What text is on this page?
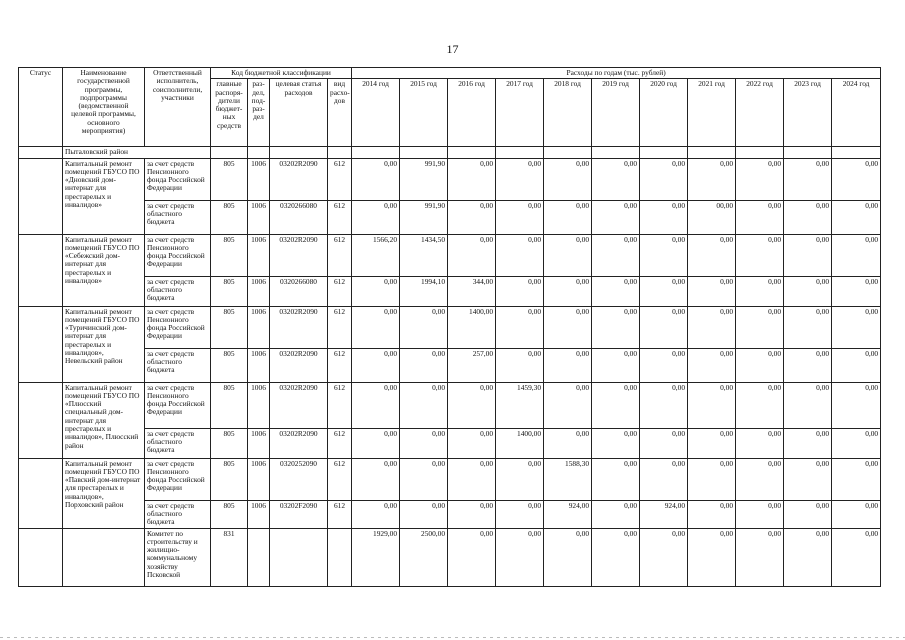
17
Статус	Наименование государственной программы, подпрограммы (ведомственной целевой программы, основного мероприятия)	Ответственный исполнитель, соисполнители, участники	Код бюджетной классификации				Расходы по годам (тыс. рублей)										
			главные распоря- дители бюджет- ных средств	раз- дел, под- раз- дел	целевая статья расходов	вид расхо- дов	2014 год	2015 год	2016 год	2017 год	2018 год	2019 год	2020 год	2021 год	2022 год	2023 год	2024 год
	Пыталовский район																
	Капитальный ремонт помещений ГБУСО ПО «Дновский дом-интернат для престарелых и инвалидов»	за счет средств Пенсионного фонда Российской Федерации	805	1006	03202R2090	612	0,00	991,90	0,00	0,00	0,00	0,00	0,00	0,00	0,00	0,00	0,00
		за счет средств областного бюджета	805	1006	0320266080	612	0,00	991,90	0,00	0,00	0,00	0,00	0,00	00,00	0,00	0,00	0,00
	Капитальный ремонт помещений ГБУСО ПО «Себежский дом-интернат для престарелых и инвалидов»	за счет средств Пенсионного фонда Российской Федерации	805	1006	03202R2090	612	1566,20	1434,50	0,00	0,00	0,00	0,00	0,00	0,00	0,00	0,00	0,00
		за счет средств областного бюджета	805	1006	0320266080	612	0,00	1994,10	344,00	0,00	0,00	0,00	0,00	0,00	0,00	0,00	0,00
	Капитальный ремонт помещений ГБУСО ПО «Туричинский дом-интернат для престарелых и инвалидов», Невельский район	за счет средств Пенсионного фонда Российской Федерации	805	1006	03202R2090	612	0,00	0,00	1400,00	0,00	0,00	0,00	0,00	0,00	0,00	0,00	0,00
		за счет средств областного бюджета	805	1006	03202R2090	612	0,00	0,00	257,00	0,00	0,00	0,00	0,00	0,00	0,00	0,00	0,00
	Капитальный ремонт помещений ГБУСО ПО «Плюсский специальный дом-интернат для престарелых и инвалидов», Плюсский район	за счет средств Пенсионного фонда Российской Федерации	805	1006	03202R2090	612	0,00	0,00	0,00	1459,30	0,00	0,00	0,00	0,00	0,00	0,00	0,00
		за счет средств областного бюджета	805	1006	03202R2090	612	0,00	0,00	0,00	1400,00	0,00	0,00	0,00	0,00	0,00	0,00	0,00
	Капитальный ремонт помещений ГБУСО ПО «Павский дом-интернат для престарелых и инвалидов», Порховский район	за счет средств Пенсионного фонда Российской Федерации	805	1006	0320252090	612	0,00	0,00	0,00	0,00	1588,30	0,00	0,00	0,00	0,00	0,00	0,00
		за счет средств областного бюджета	805	1006	03202F2090	612	0,00	0,00	0,00	0,00	924,00	0,00	924,00	0,00	0,00	0,00	0,00
		Комитет по строительству и жилищно-коммунальному хозяйству Псковской	831				1929,00	2500,00	0,00	0,00	0,00	0,00	0,00	0,00	0,00	0,00	0,00
